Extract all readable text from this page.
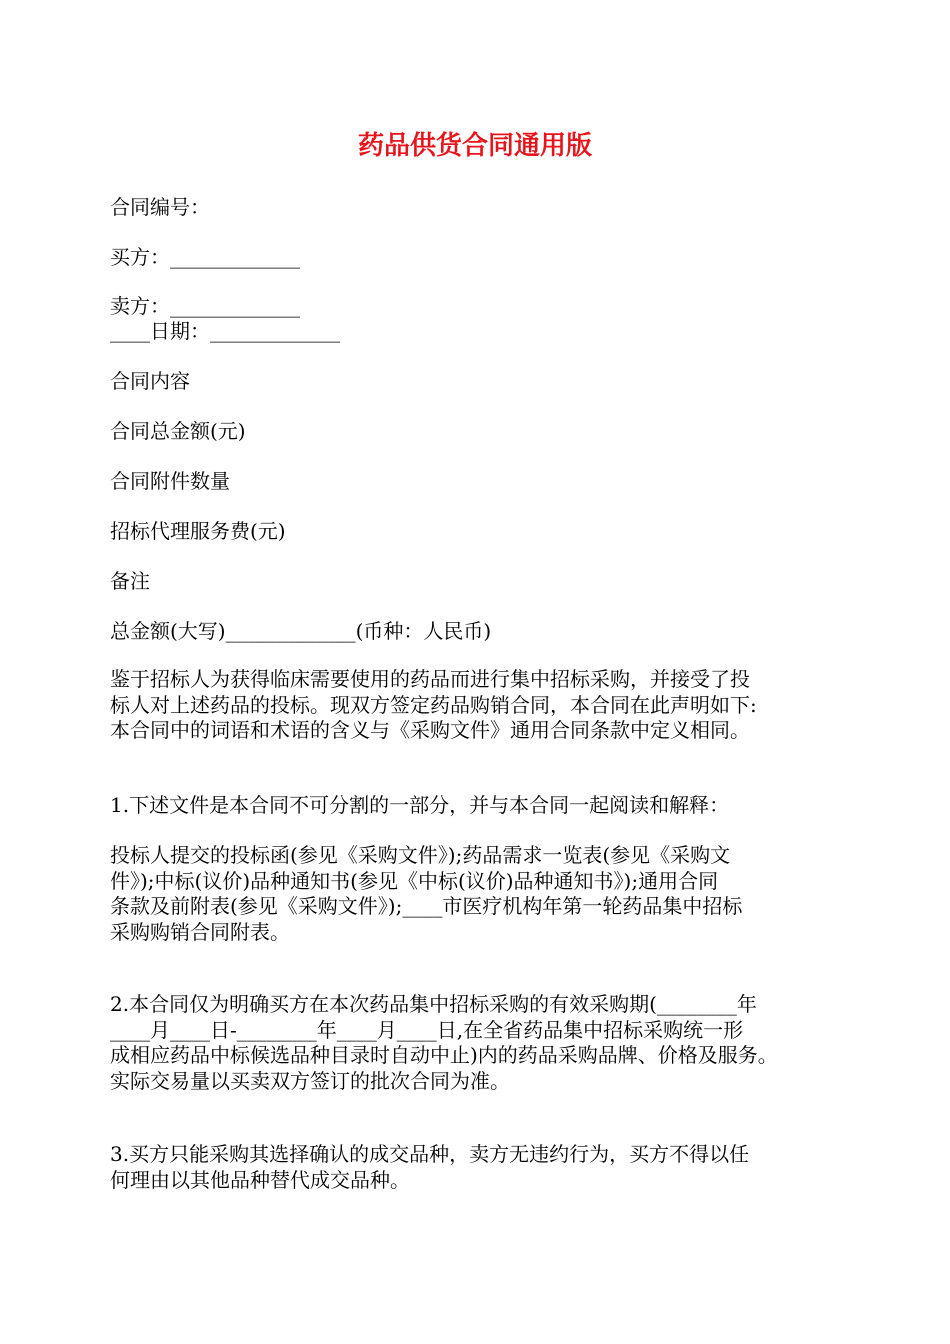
药品供货合同通用版

合同编号：

买方：_____________

卖方：_____________

____日期：_____________

合同内容

合同总金额(元)

合同附件数量

招标代理服务费(元)

备注

总金额(大写)_____________(币种：人民币)

鉴于招标人为获得临床需要使用的药品而进行集中招标采购，并接受了投
标人对上述药品的投标。现双方签定药品购销合同，本合同在此声明如下:
本合同中的词语和术语的含义与《采购文件》通用合同条款中定义相同。

1.下述文件是本合同不可分割的一部分，并与本合同一起阅读和解释：

投标人提交的投标函(参见《采购文件》);药品需求一览表(参见《采购文
件》);中标(议价)品种通知书(参见《中标(议价)品种通知书》);通用合同
条款及前附表(参见《采购文件》);____市医疗机构年第一轮药品集中招标
采购购销合同附表。
2.本合同仅为明确买方在本次药品集中招标采购的有效采购期(________年
____月____日-________年____月____日,在全省药品集中招标采购统一形
成相应药品中标候选品种目录时自动中止)内的药品采购品牌、价格及服务。
实际交易量以买卖双方签订的批次合同为准。
3.买方只能采购其选择确认的成交品种，卖方无违约行为，买方不得以任
何理由以其他品种替代成交品种。
